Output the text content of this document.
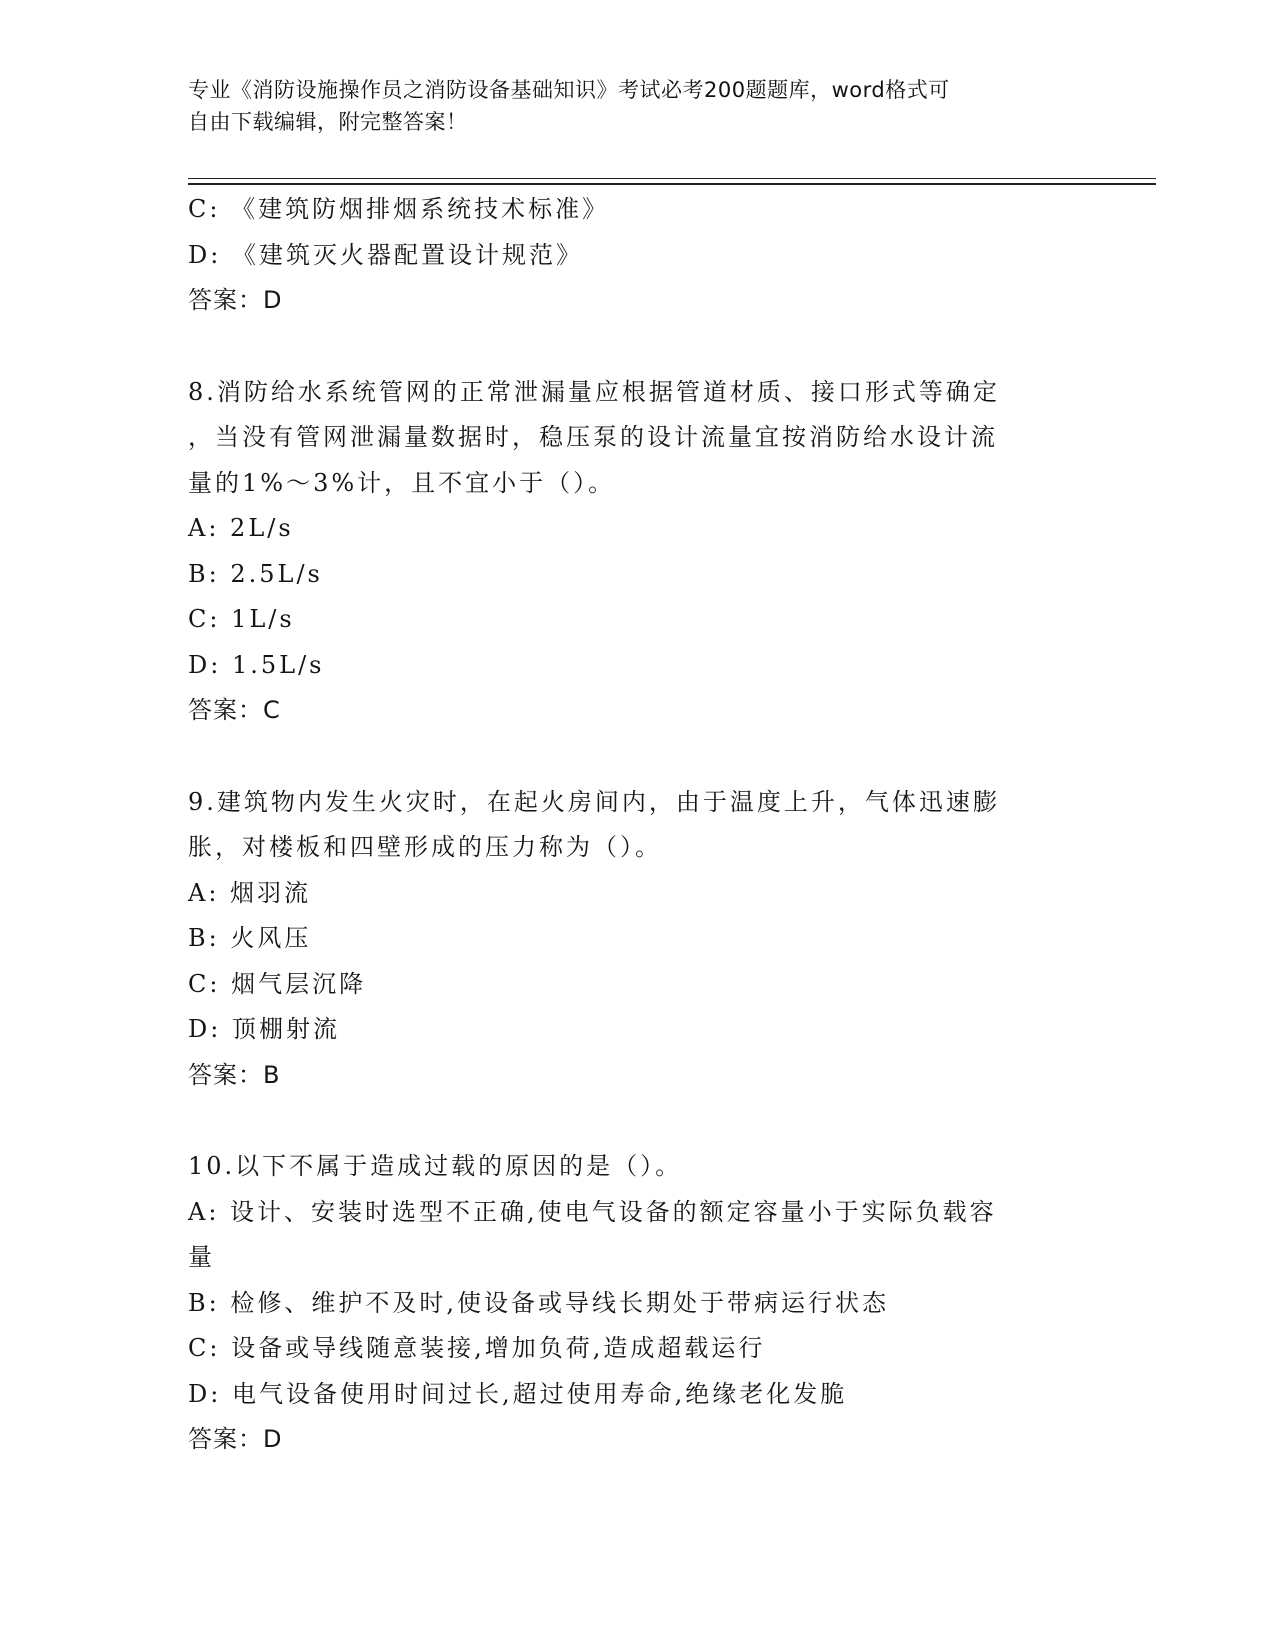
专业《消防设施操作员之消防设备基础知识》考试必考200题题库，word格式可
自由下载编辑，附完整答案！
C: 《建筑防烟排烟系统技术标准》
D: 《建筑灭火器配置设计规范》
答案：D
8.消防给水系统管网的正常泄漏量应根据管道材质、接口形式等确定
，当没有管网泄漏量数据时，稳压泵的设计流量宜按消防给水设计流
量的1%～3%计，且不宜小于（）。
A: 2L/s
B: 2.5L/s
C: 1L/s
D: 1.5L/s
答案：C
9.建筑物内发生火灾时，在起火房间内，由于温度上升，气体迅速膨
胀，对楼板和四壁形成的压力称为（）。
A: 烟羽流
B: 火风压
C: 烟气层沉降
D: 顶棚射流
答案：B
10.以下不属于造成过载的原因的是（）。
A: 设计、安装时选型不正确,使电气设备的额定容量小于实际负载容
量
B: 检修、维护不及时,使设备或导线长期处于带病运行状态
C: 设备或导线随意装接,增加负荷,造成超载运行
D: 电气设备使用时间过长,超过使用寿命,绝缘老化发脆
答案：D
